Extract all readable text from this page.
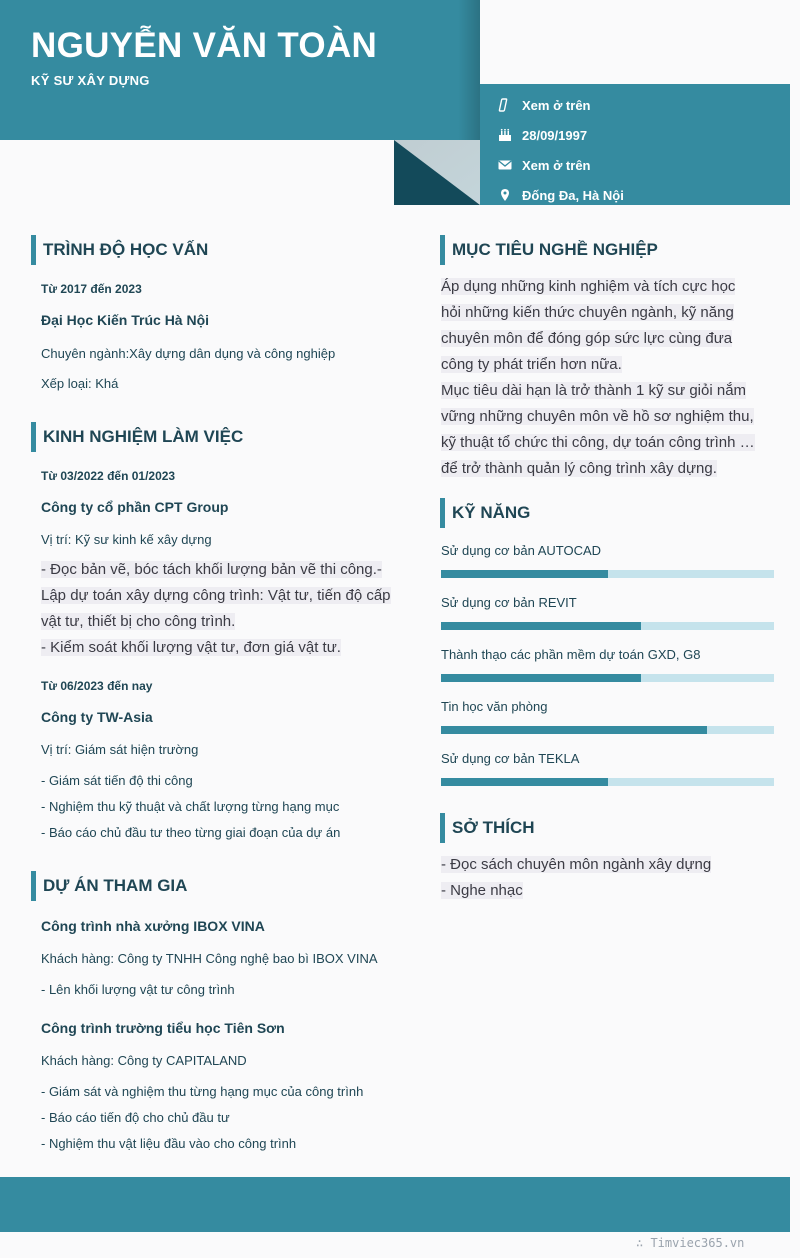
NGUYỄN VĂN TOÀN
KỸ SƯ XÂY DỰNG
Xem ở trên
28/09/1997
Xem ở trên
Đống Đa, Hà Nội
TRÌNH ĐỘ HỌC VẤN
Từ 2017 đến 2023
Đại Học Kiến Trúc Hà Nội
Chuyên ngành:Xây dựng dân dụng và công nghiệp
Xếp loại: Khá
KINH NGHIỆM LÀM VIỆC
Từ 03/2022 đến 01/2023
Công ty cổ phần CPT Group
Vị trí: Kỹ sư kinh kế xây dựng
- Đọc bản vẽ, bóc tách khối lượng bản vẽ thi công.-
Lập dự toán xây dựng công trình: Vật tư, tiến độ cấp
vật tư, thiết bị cho công trình.
- Kiểm soát khối lượng vật tư, đơn giá vật tư.
Từ 06/2023 đến nay
Công ty TW-Asia
Vị trí: Giám sát hiện trường
- Giám sát tiến độ thi công
- Nghiệm thu kỹ thuật và chất lượng từng hạng mục
- Báo cáo chủ đầu tư theo từng giai đoạn của dự án
DỰ ÁN THAM GIA
Công trình nhà xưởng IBOX VINA
Khách hàng: Công ty TNHH Công nghệ bao bì IBOX VINA
- Lên khối lượng vật tư công trình
Công trình trường tiểu học Tiên Sơn
Khách hàng: Công ty CAPITALAND
- Giám sát và nghiệm thu từng hạng mục của công trình
- Báo cáo tiến độ cho chủ đầu tư
- Nghiệm thu vật liệu đầu vào cho công trình
MỤC TIÊU NGHỀ NGHIỆP
Áp dụng những kinh nghiệm và tích cực học
hỏi những kiến thức chuyên ngành, kỹ năng
chuyên môn để đóng góp sức lực cùng đưa
công ty phát triển hơn nữa.
Mục tiêu dài hạn là trở thành 1 kỹ sư giỏi nắm
vững những chuyên môn về hồ sơ nghiệm thu,
kỹ thuật tổ chức thi công, dự toán công trình …
để trở thành quản lý công trình xây dựng.
KỸ NĂNG
Sử dụng cơ bản AUTOCAD
Sử dụng cơ bản REVIT
Thành thạo các phần mềm dự toán GXD, G8
Tin học văn phòng
Sử dụng cơ bản TEKLA
SỞ THÍCH
- Đọc sách chuyên môn ngành xây dựng
- Nghe nhạc
∴ Timviec365.vn
